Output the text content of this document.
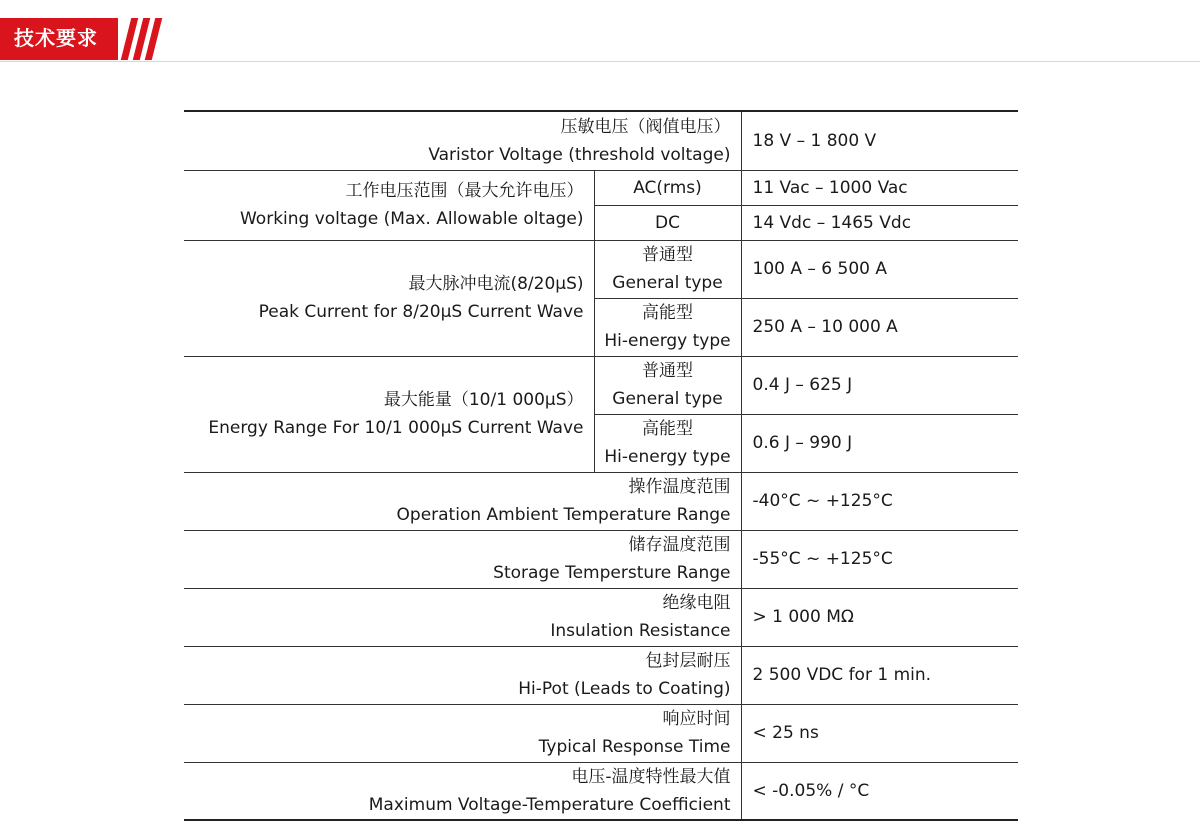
技术要求
压敏电压（阀值电压）
Varistor Voltage (threshold voltage)		18 V – 1 800 V

工作电压范围（最大允许电压）
Working voltage (Max. Allowable oltage)	AC(rms)	11 Vac – 1000 Vac

	DC	14 Vdc – 1465 Vdc

最大脉冲电流(8/20μS)
Peak Current for 8/20μS Current Wave	普通型
General type	100 A – 6 500 A

	高能型
Hi-energy type	250 A – 10 000 A

最大能量（10/1 000μS）
Energy Range For 10/1 000μS Current Wave	普通型
General type	0.4 J – 625 J

	高能型
Hi-energy type	0.6 J – 990 J

操作温度范围
Operation Ambient Temperature Range		-40°C ~ +125°C

储存温度范围
Storage Tempersture Range		-55°C ~ +125°C

绝缘电阻
Insulation Resistance		> 1 000 MΩ

包封层耐压
Hi-Pot (Leads to Coating)		2 500 VDC for 1 min.

响应时间
Typical Response Time		< 25 ns

电压-温度特性最大值
Maximum Voltage-Temperature Coefficient		< -0.05% / °C
